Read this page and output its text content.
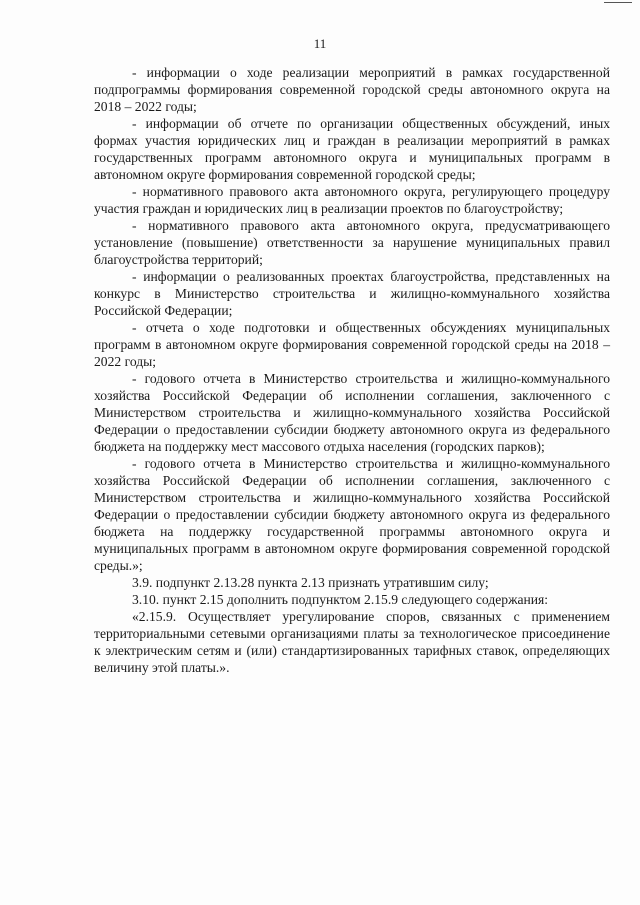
11

- информации о ходе реализации мероприятий в рамках государственной подпрограммы формирования современной городской среды автономного округа на 2018 – 2022 годы;

- информации об отчете по организации общественных обсуждений, иных формах участия юридических лиц и граждан в реализации мероприятий в рамках государственных программ автономного округа и муниципальных программ в автономном округе формирования современной городской среды;

- нормативного правового акта автономного округа, регулирующего процедуру участия граждан и юридических лиц в реализации проектов по благоустройству;

- нормативного правового акта автономного округа, предусматривающего установление (повышение) ответственности за нарушение муниципальных правил благоустройства территорий;

- информации о реализованных проектах благоустройства, представленных на конкурс в Министерство строительства и жилищно-коммунального хозяйства Российской Федерации;

- отчета о ходе подготовки и общественных обсуждениях муниципальных программ в автономном округе формирования современной городской среды на 2018 – 2022 годы;

- годового отчета в Министерство строительства и жилищно-коммунального хозяйства Российской Федерации об исполнении соглашения, заключенного с Министерством строительства и жилищно-коммунального хозяйства Российской Федерации о предоставлении субсидии бюджету автономного округа из федерального бюджета на поддержку мест массового отдыха населения (городских парков);

- годового отчета в Министерство строительства и жилищно-коммунального хозяйства Российской Федерации об исполнении соглашения, заключенного с Министерством строительства и жилищно-коммунального хозяйства Российской Федерации о предоставлении субсидии бюджету автономного округа из федерального бюджета на поддержку государственной программы автономного округа и муниципальных программ в автономном округе формирования современной городской среды.»;

3.9. подпункт 2.13.28 пункта 2.13 признать утратившим силу;

3.10. пункт 2.15 дополнить подпунктом 2.15.9 следующего содержания:

«2.15.9. Осуществляет урегулирование споров, связанных с применением территориальными сетевыми организациями платы за технологическое присоединение к электрическим сетям и (или) стандартизированных тарифных ставок, определяющих величину этой платы.».
